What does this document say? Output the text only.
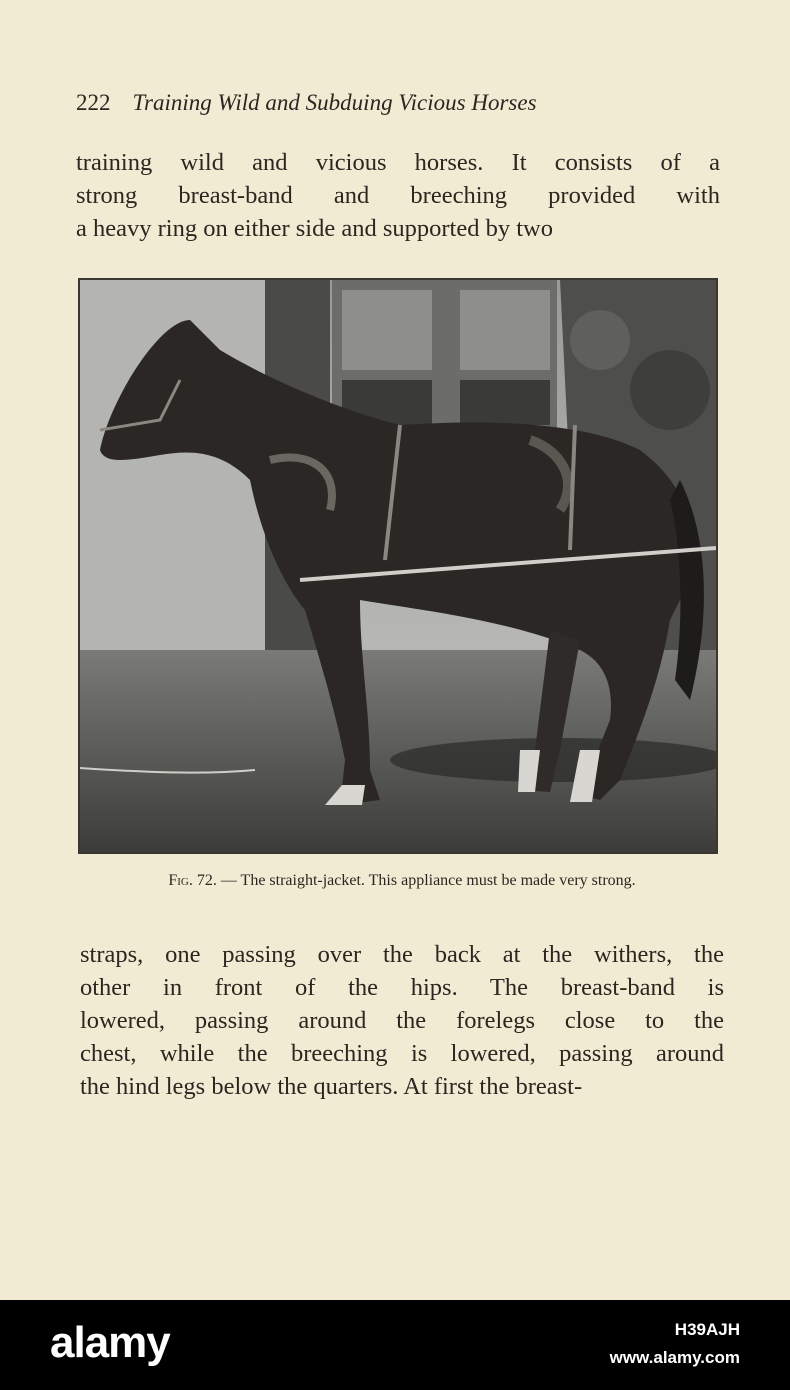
222 Training Wild and Subduing Vicious Horses
training wild and vicious horses. It consists of a
strong breast-band and breeching provided with
a heavy ring on either side and supported by two
Fig. 72. — The straight-jacket. This appliance must be made very strong.
straps, one passing over the back at the withers, the
other in front of the hips. The breast-band is
lowered, passing around the forelegs close to the
chest, while the breeching is lowered, passing around
the hind legs below the quarters. At first the breast-
alamy	H39AJH
www.alamy.com
